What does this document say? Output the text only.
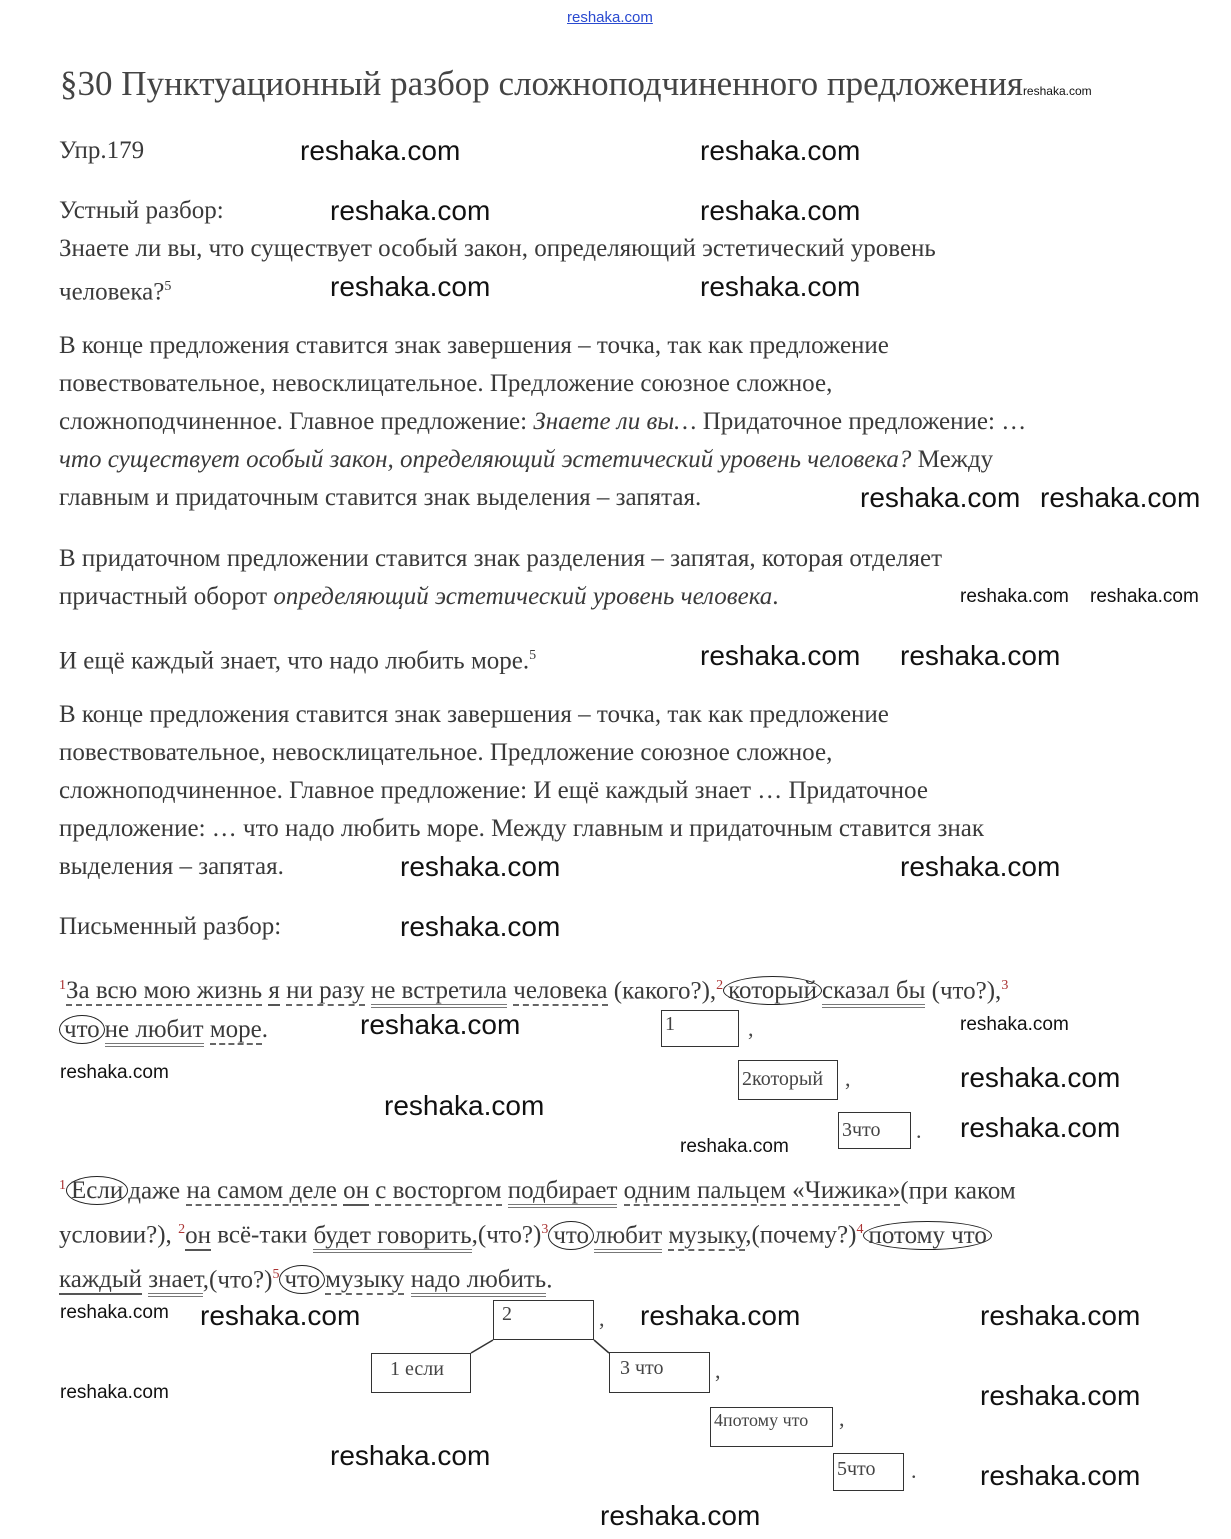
reshaka.com
§30 Пунктуационный разбор сложноподчиненного предложенияreshaka.com
Упр.179
Устный разбор:
Знаете ли вы, что существует особый закон, определяющий эстетический уровень
человека?$^5$
В конце предложения ставится знак завершения – точка, так как предложение
повествовательное, невосклицательное. Предложение союзное сложное,
сложноподчиненное. Главное предложение: Знаете ли вы… Придаточное предложение: …
что существует особый закон, определяющий эстетический уровень человека? Между
главным и придаточным ставится знак выделения – запятая.
В придаточном предложении ставится знак разделения – запятая, которая отделяет
причастный оборот определяющий эстетический уровень человека.
И ещё каждый знает, что надо любить море.$^5$
В конце предложения ставится знак завершения – точка, так как предложение
повествовательное, невосклицательное. Предложение союзное сложное,
сложноподчиненное. Главное предложение: И ещё каждый знает … Придаточное
предложение: … что надо любить море. Между главным и придаточным ставится знак
выделения – запятая.
Письменный разбор:
$^1$За всю мою жизнь я ни разу не встретила человека (какого?),$^2$ который сказал бы (что?),$^3$
что не любит море.
$^1$ Если даже на самом деле он с восторгом подбирает одним пальцем «Чижика»(при каком
условии?), $^2$он всё-таки будет говорить,(что?)$^3$ что любит музыку,(почему?)$^4$ потому что
каждый знает,(что?)$^5$ что музыку надо любить.
1	,
2который ,
3что	.
2	,
1 если	3 что	,
4потому что	,
5что	.
reshaka.com	reshaka.com
reshaka.com	reshaka.com
reshaka.com	reshaka.com
reshaka.com reshaka.com
reshaka.com reshaka.com
reshaka.com reshaka.com
reshaka.com	reshaka.com
reshaka.com
reshaka.com	reshaka.com
reshaka.com
reshaka.com
reshaka.com
reshaka.com
reshaka.com
reshaka.com reshaka.com	reshaka.com	reshaka.com
reshaka.com	reshaka.com
reshaka.com
reshaka.com
reshaka.com
